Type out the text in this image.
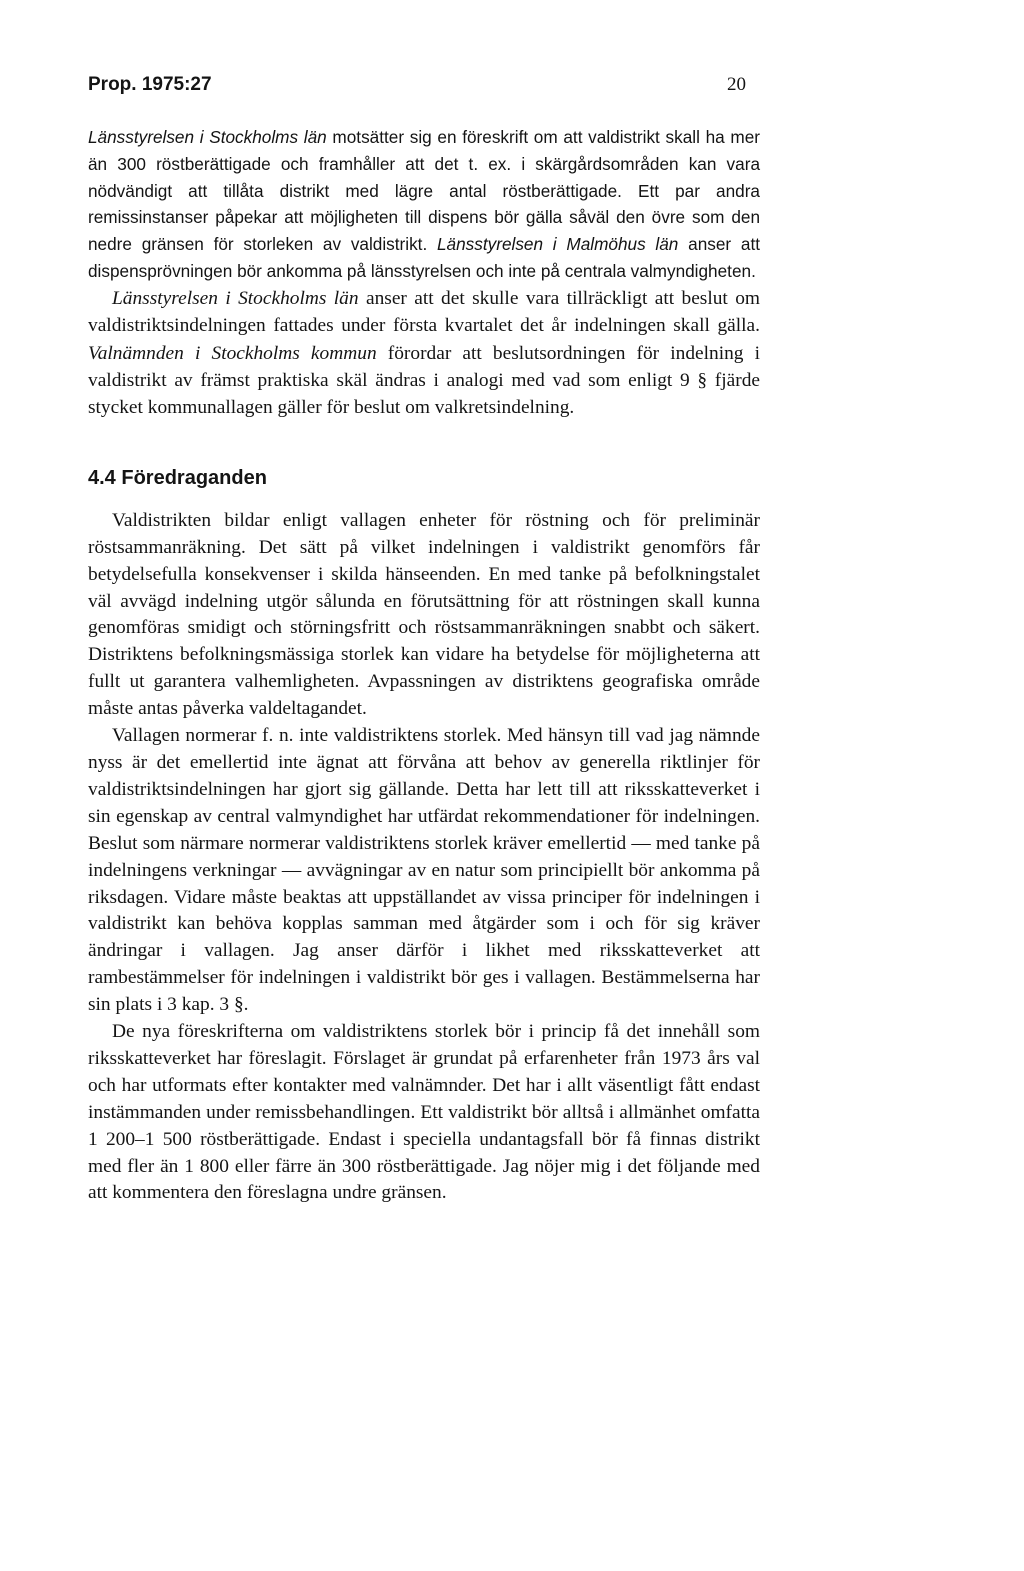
Prop. 1975:27	20

Länsstyrelsen i Stockholms län motsätter sig en föreskrift om att valdistrikt skall ha mer än 300 röstberättigade och framhåller att det t. ex. i skärgårdsområden kan vara nödvändigt att tillåta distrikt med lägre antal röstberättigade. Ett par andra remissinstanser påpekar att möjligheten till dispens bör gälla såväl den övre som den nedre gränsen för storleken av valdistrikt. Länsstyrelsen i Malmöhus län anser att dispensprövningen bör ankomma på länsstyrelsen och inte på centrala valmyndigheten.

Länsstyrelsen i Stockholms län anser att det skulle vara tillräckligt att beslut om valdistriktsindelningen fattades under första kvartalet det år indelningen skall gälla. Valnämnden i Stockholms kommun förordar att beslutsordningen för indelning i valdistrikt av främst praktiska skäl ändras i analogi med vad som enligt 9 § fjärde stycket kommunallagen gäller för beslut om valkretsindelning.

4.4 Föredraganden

Valdistrikten bildar enligt vallagen enheter för röstning och för preliminär röstsammanräkning. Det sätt på vilket indelningen i valdistrikt genomförs får betydelsefulla konsekvenser i skilda hänseenden. En med tanke på befolkningstalet väl avvägd indelning utgör sålunda en förutsättning för att röstningen skall kunna genomföras smidigt och störningsfritt och röstsammanräkningen snabbt och säkert. Distriktens befolkningsmässiga storlek kan vidare ha betydelse för möjligheterna att fullt ut garantera valhemligheten. Avpassningen av distriktens geografiska område måste antas påverka valdeltagandet.

Vallagen normerar f. n. inte valdistriktens storlek. Med hänsyn till vad jag nämnde nyss är det emellertid inte ägnat att förvåna att behov av generella riktlinjer för valdistriktsindelningen har gjort sig gällande. Detta har lett till att riksskatteverket i sin egenskap av central valmyndighet har utfärdat rekommendationer för indelningen. Beslut som närmare normerar valdistriktens storlek kräver emellertid — med tanke på indelningens verkningar — avvägningar av en natur som principiellt bör ankomma på riksdagen. Vidare måste beaktas att uppställandet av vissa principer för indelningen i valdistrikt kan behöva kopplas samman med åtgärder som i och för sig kräver ändringar i vallagen. Jag anser därför i likhet med riksskatteverket att rambestämmelser för indelningen i valdistrikt bör ges i vallagen. Bestämmelserna har sin plats i 3 kap. 3 §.

De nya föreskrifterna om valdistriktens storlek bör i princip få det innehåll som riksskatteverket har föreslagit. Förslaget är grundat på erfarenheter från 1973 års val och har utformats efter kontakter med valnämnder. Det har i allt väsentligt fått endast instämmanden under remissbehandlingen. Ett valdistrikt bör alltså i allmänhet omfatta 1 200–1 500 röstberättigade. Endast i speciella undantagsfall bör få finnas distrikt med fler än 1 800 eller färre än 300 röstberättigade. Jag nöjer mig i det följande med att kommentera den föreslagna undre gränsen.
